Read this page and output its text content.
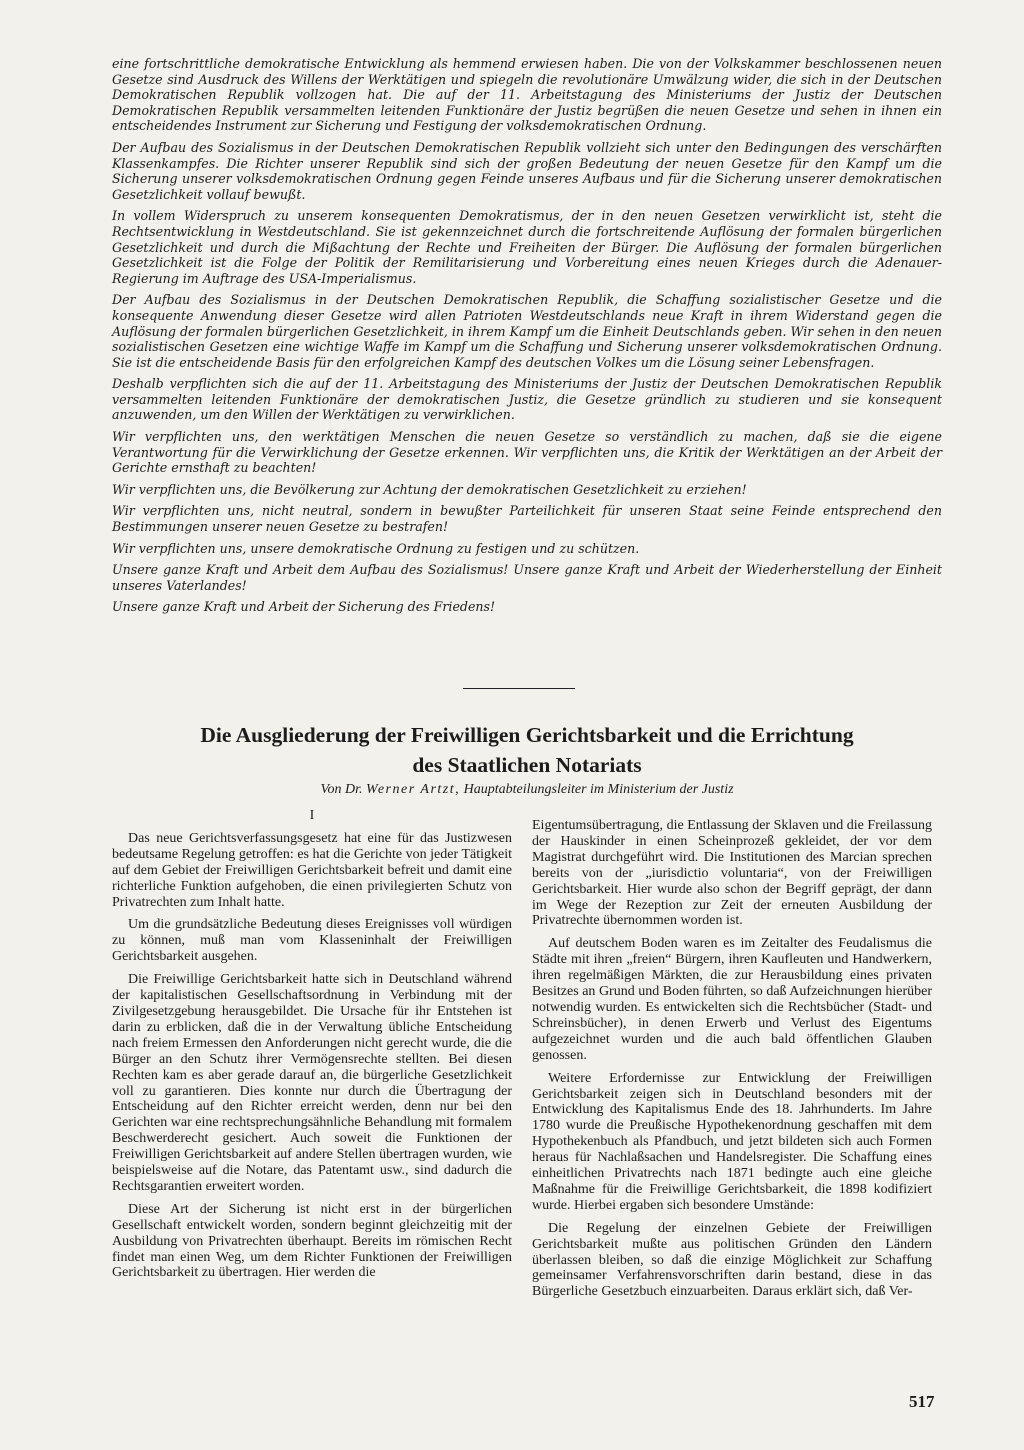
eine fortschrittliche demokratische Entwicklung als hemmend erwiesen haben. Die von der Volkskammer beschlossenen neuen Gesetze sind Ausdruck des Willens der Werktätigen und spiegeln die revolutionäre Umwälzung wider, die sich in der Deutschen Demokratischen Republik vollzogen hat. Die auf der 11. Arbeitstagung des Ministeriums der Justiz der Deutschen Demokratischen Republik versammelten leitenden Funktionäre der Justiz begrüßen die neuen Gesetze und sehen in ihnen ein entscheidendes Instrument zur Sicherung und Festigung der volksdemokratischen Ordnung.

Der Aufbau des Sozialismus in der Deutschen Demokratischen Republik vollzieht sich unter den Bedingungen des verschärften Klassenkampfes. Die Richter unserer Republik sind sich der großen Bedeutung der neuen Gesetze für den Kampf um die Sicherung unserer volksdemokratischen Ordnung gegen Feinde unseres Aufbaus und für die Sicherung unserer demokratischen Gesetzlichkeit vollauf bewußt.

In vollem Widerspruch zu unserem konsequenten Demokratismus, der in den neuen Gesetzen verwirklicht ist, steht die Rechtsentwicklung in Westdeutschland. Sie ist gekennzeichnet durch die fortschreitende Auflösung der formalen bürgerlichen Gesetzlichkeit und durch die Mißachtung der Rechte und Freiheiten der Bürger. Die Auflösung der formalen bürgerlichen Gesetzlichkeit ist die Folge der Politik der Remilitarisierung und Vorbereitung eines neuen Krieges durch die Adenauer-Regierung im Auftrage des USA-Imperialismus.

Der Aufbau des Sozialismus in der Deutschen Demokratischen Republik, die Schaffung sozialistischer Gesetze und die konsequente Anwendung dieser Gesetze wird allen Patrioten Westdeutschlands neue Kraft in ihrem Widerstand gegen die Auflösung der formalen bürgerlichen Gesetzlichkeit, in ihrem Kampf um die Einheit Deutschlands geben. Wir sehen in den neuen sozialistischen Gesetzen eine wichtige Waffe im Kampf um die Schaffung und Sicherung unserer volksdemokratischen Ordnung. Sie ist die entscheidende Basis für den erfolgreichen Kampf des deutschen Volkes um die Lösung seiner Lebensfragen.

Deshalb verpflichten sich die auf der 11. Arbeitstagung des Ministeriums der Justiz der Deutschen Demokratischen Republik versammelten leitenden Funktionäre der demokratischen Justiz, die Gesetze gründlich zu studieren und sie konsequent anzuwenden, um den Willen der Werktätigen zu verwirklichen.

Wir verpflichten uns, den werktätigen Menschen die neuen Gesetze so verständlich zu machen, daß sie die eigene Verantwortung für die Verwirklichung der Gesetze erkennen. Wir verpflichten uns, die Kritik der Werktätigen an der Arbeit der Gerichte ernsthaft zu beachten!

Wir verpflichten uns, die Bevölkerung zur Achtung der demokratischen Gesetzlichkeit zu erziehen!

Wir verpflichten uns, nicht neutral, sondern in bewußter Parteilichkeit für unseren Staat seine Feinde entsprechend den Bestimmungen unserer neuen Gesetze zu bestrafen!

Wir verpflichten uns, unsere demokratische Ordnung zu festigen und zu schützen.

Unsere ganze Kraft und Arbeit dem Aufbau des Sozialismus! Unsere ganze Kraft und Arbeit der Wiederherstellung der Einheit unseres Vaterlandes!

Unsere ganze Kraft und Arbeit der Sicherung des Friedens!

Die Ausgliederung der Freiwilligen Gerichtsbarkeit und die Errichtung
des Staatlichen Notariats

Von Dr. Werner Artzt, Hauptabteilungsleiter im Ministerium der Justiz

I

Das neue Gerichtsverfassungsgesetz hat eine für das Justizwesen bedeutsame Regelung getroffen: es hat die Gerichte von jeder Tätigkeit auf dem Gebiet der Freiwilligen Gerichtsbarkeit befreit und damit eine richterliche Funktion aufgehoben, die einen privilegierten Schutz von Privatrechten zum Inhalt hatte.

Um die grundsätzliche Bedeutung dieses Ereignisses voll würdigen zu können, muß man vom Klasseninhalt der Freiwilligen Gerichtsbarkeit ausgehen.

Die Freiwillige Gerichtsbarkeit hatte sich in Deutschland während der kapitalistischen Gesellschaftsordnung in Verbindung mit der Zivilgesetzgebung herausgebildet. Die Ursache für ihr Entstehen ist darin zu erblicken, daß die in der Verwaltung übliche Entscheidung nach freiem Ermessen den Anforderungen nicht gerecht wurde, die die Bürger an den Schutz ihrer Vermögensrechte stellten. Bei diesen Rechten kam es aber gerade darauf an, die bürgerliche Gesetzlichkeit voll zu garantieren. Dies konnte nur durch die Übertragung der Entscheidung auf den Richter erreicht werden, denn nur bei den Gerichten war eine rechtsprechungsähnliche Behandlung mit formalem Beschwerderecht gesichert. Auch soweit die Funktionen der Freiwilligen Gerichtsbarkeit auf andere Stellen übertragen wurden, wie beispielsweise auf die Notare, das Patentamt usw., sind dadurch die Rechtsgarantien erweitert worden.

Diese Art der Sicherung ist nicht erst in der bürgerlichen Gesellschaft entwickelt worden, sondern beginnt gleichzeitig mit der Ausbildung von Privatrechten überhaupt. Bereits im römischen Recht findet man einen Weg, um dem Richter Funktionen der Freiwilligen Gerichtsbarkeit zu übertragen. Hier werden die

Eigentumsübertragung, die Entlassung der Sklaven und die Freilassung der Hauskinder in einen Scheinprozeß gekleidet, der vor dem Magistrat durchgeführt wird. Die Institutionen des Marcian sprechen bereits von der „iurisdictio voluntaria“, von der Freiwilligen Gerichtsbarkeit. Hier wurde also schon der Begriff geprägt, der dann im Wege der Rezeption zur Zeit der erneuten Ausbildung der Privatrechte übernommen worden ist.

Auf deutschem Boden waren es im Zeitalter des Feudalismus die Städte mit ihren „freien“ Bürgern, ihren Kaufleuten und Handwerkern, ihren regelmäßigen Märkten, die zur Herausbildung eines privaten Besitzes an Grund und Boden führten, so daß Aufzeichnungen hierüber notwendig wurden. Es entwickelten sich die Rechtsbücher (Stadt- und Schreinsbücher), in denen Erwerb und Verlust des Eigentums aufgezeichnet wurden und die auch bald öffentlichen Glauben genossen.

Weitere Erfordernisse zur Entwicklung der Freiwilligen Gerichtsbarkeit zeigen sich in Deutschland besonders mit der Entwicklung des Kapitalismus Ende des 18. Jahrhunderts. Im Jahre 1780 wurde die Preußische Hypothekenordnung geschaffen mit dem Hypothekenbuch als Pfandbuch, und jetzt bildeten sich auch Formen heraus für Nachlaßsachen und Handelsregister. Die Schaffung eines einheitlichen Privatrechts nach 1871 bedingte auch eine gleiche Maßnahme für die Freiwillige Gerichtsbarkeit, die 1898 kodifiziert wurde. Hierbei ergaben sich besondere Umstände:

Die Regelung der einzelnen Gebiete der Freiwilligen Gerichtsbarkeit mußte aus politischen Gründen den Ländern überlassen bleiben, so daß die einzige Möglichkeit zur Schaffung gemeinsamer Verfahrensvorschriften darin bestand, diese in das Bürgerliche Gesetzbuch einzuarbeiten. Daraus erklärt sich, daß Ver-

517
